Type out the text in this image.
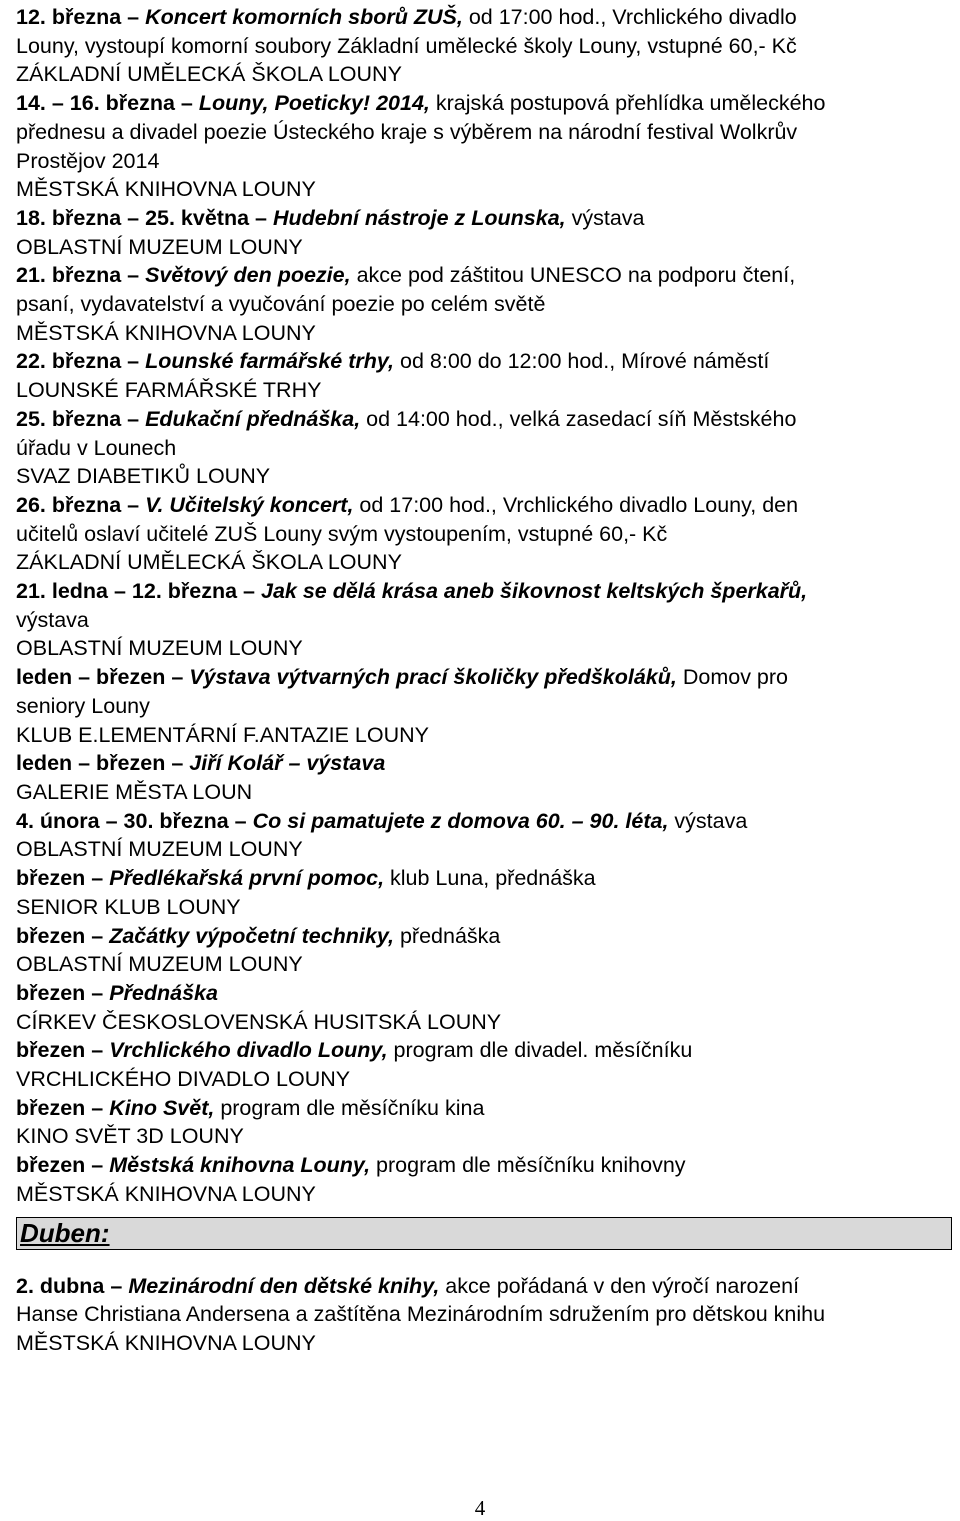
12. března – Koncert komorních sborů ZUŠ, od 17:00 hod., Vrchlického divadlo
Louny, vystoupí komorní soubory Základní umělecké školy Louny, vstupné 60,- Kč
ZÁKLADNÍ UMĚLECKÁ ŠKOLA LOUNY
14. – 16. března – Louny, Poeticky! 2014, krajská postupová přehlídka uměleckého
přednesu a divadel poezie Ústeckého kraje s výběrem na národní festival Wolkrův
Prostějov 2014
MĚSTSKÁ KNIHOVNA LOUNY
18. března – 25. května – Hudební nástroje z Lounska, výstava
OBLASTNÍ MUZEUM LOUNY
21. března – Světový den poezie, akce pod záštitou UNESCO na podporu čtení,
psaní, vydavatelství a vyučování poezie po celém světě
MĚSTSKÁ KNIHOVNA LOUNY
22. března – Lounské farmářské trhy, od 8:00 do 12:00 hod., Mírové náměstí
LOUNSKÉ FARMÁŘSKÉ TRHY
25. března – Edukační přednáška, od 14:00 hod., velká zasedací síň Městského
úřadu v Lounech
SVAZ DIABETIKŮ LOUNY
26. března – V. Učitelský koncert, od 17:00 hod., Vrchlického divadlo Louny, den
učitelů oslaví učitelé ZUŠ Louny svým vystoupením, vstupné 60,- Kč
ZÁKLADNÍ UMĚLECKÁ ŠKOLA LOUNY
21. ledna – 12. března – Jak se dělá krása aneb šikovnost keltských šperkařů,
výstava
OBLASTNÍ MUZEUM LOUNY
leden – březen – Výstava výtvarných prací školičky předškoláků, Domov pro
seniory Louny
KLUB E.LEMENTÁRNÍ F.ANTAZIE LOUNY
leden – březen – Jiří Kolář – výstava
GALERIE MĚSTA LOUN
4. února – 30. března – Co si pamatujete z domova 60. – 90. léta, výstava
OBLASTNÍ MUZEUM LOUNY
březen – Předlékařská první pomoc, klub Luna, přednáška
SENIOR KLUB LOUNY
březen – Začátky výpočetní techniky, přednáška
OBLASTNÍ MUZEUM LOUNY
březen – Přednáška
CÍRKEV ČESKOSLOVENSKÁ HUSITSKÁ LOUNY
březen – Vrchlického divadlo Louny, program dle divadel. měsíčníku
VRCHLICKÉHO DIVADLO LOUNY
březen – Kino Svět, program dle měsíčníku kina
KINO SVĚT 3D LOUNY
březen – Městská knihovna Louny, program dle měsíčníku knihovny
MĚSTSKÁ KNIHOVNA LOUNY
Duben:
2. dubna – Mezinárodní den dětské knihy, akce pořádaná v den výročí narození
Hanse Christiana Andersena a zaštítěna Mezinárodním sdružením pro dětskou knihu
MĚSTSKÁ KNIHOVNA LOUNY
4
